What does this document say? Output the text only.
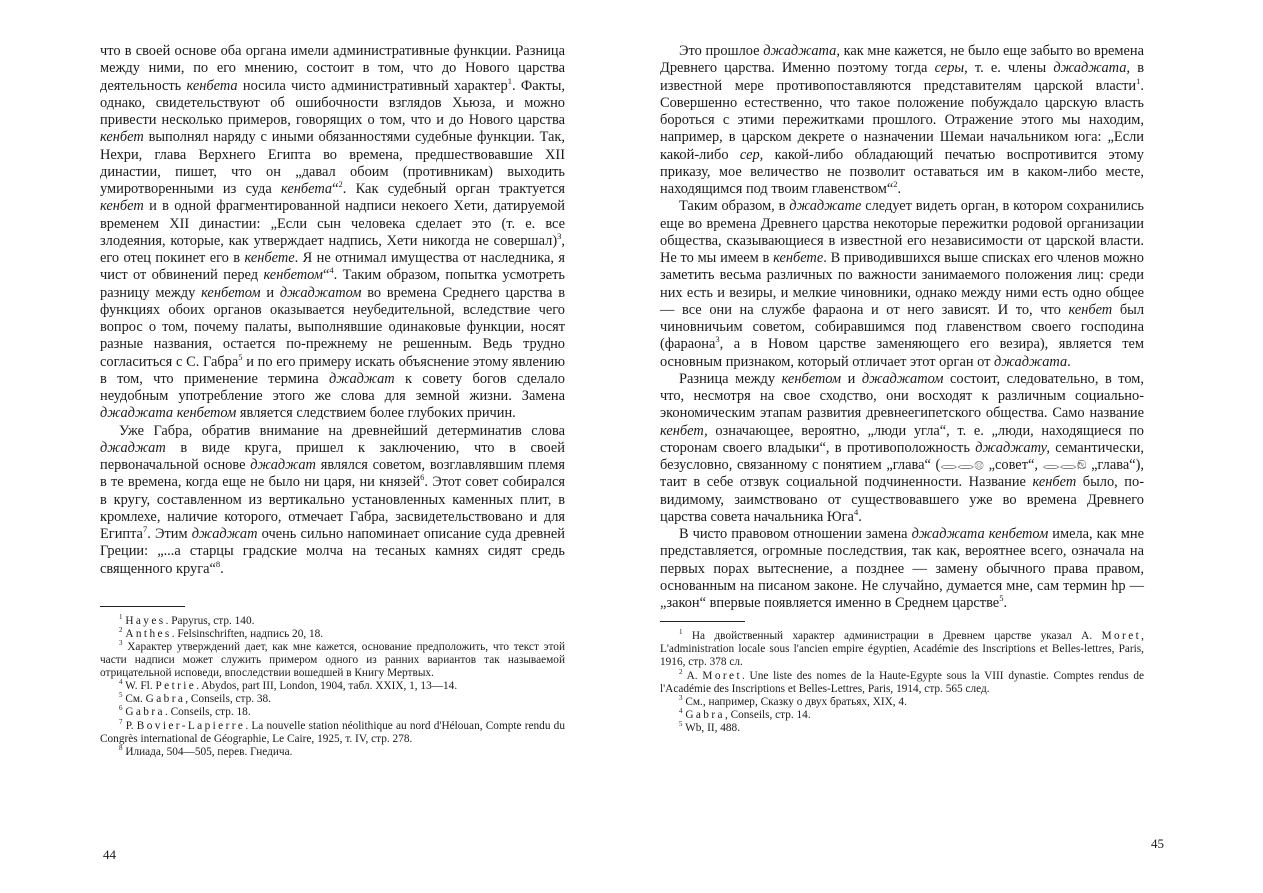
что в своей основе оба органа имели административные функции. Разница между ними, по его мнению, состоит в том, что до Нового царства деятельность кенбета носила чисто административный характер$^1$. Факты, однако, свидетельствуют об ошибочности взглядов Хьюза, и можно привести несколько примеров, говорящих о том, что и до Нового царства кенбет выполнял наряду с иными обязанностями судебные функции. Так, Нехри, глава Верхнего Египта во времена, предшествовавшие XII династии, пишет, что он „давал обоим (противникам) выходить умиротворенными из суда кенбета“$^2$. Как судебный орган трактуется кенбет и в одной фрагментированной надписи некоего Хети, датируемой временем XII династии: „Если сын человека сделает это (т. е. все злодеяния, которые, как утверждает надпись, Хети никогда не совершал)$^3$, его отец покинет его в кенбете. Я не отнимал имущества от наследника, я чист от обвинений перед кенбетом“$^4$. Таким образом, попытка усмотреть разницу между кенбетом и джаджатом во времена Среднего царства в функциях обоих органов оказывается неубедительной, вследствие чего вопрос о том, почему палаты, выполнявшие одинаковые функции, носят разные названия, остается по-прежнему не решенным. Ведь трудно согласиться с С. Габра$^5$ и по его примеру искать объяснение этому явлению в том, что применение термина джаджат к совету богов сделало неудобным употребление этого же слова для земной жизни. Замена джаджата кенбетом является следствием более глубоких причин.

Уже Габра, обратив внимание на древнейший детерминатив слова джаджат в виде круга, пришел к заключению, что в своей первоначальной основе джаджат являлся советом, возглавлявшим племя в те времена, когда еще не было ни царя, ни князей$^6$. Этот совет собирался в кругу, составленном из вертикально установленных каменных плит, в кромлехе, наличие которого, отмечает Габра, засвидетельствовано и для Египта$^7$. Этим джаджат очень сильно напоминает описание суда древней Греции: „...а старцы градские молча на тесаных камнях сидят средь священного круга“$^8$.

$^1$ Hayes. Papyrus, стр. 140.

$^2$ Anthes. Felsinschriften, надпись 20, 18.

$^3$ Характер утверждений дает, как мне кажется, основание предположить, что текст этой части надписи может служить примером одного из ранних вариантов так называемой отрицательной исповеди, впоследствии вошедшей в Книгу Мертвых.

$^4$ W. Fl. Petrie. Abydos, part III, London, 1904, табл. XXIX, 1, 13—14.

$^5$ См. Gabra, Conseils, стр. 38.

$^6$ Gabra. Conseils, стр. 18.

$^7$ P. Bovier-Lapierre. La nouvelle station néolithique au nord d'Hélouan, Compte rendu du Congrès international de Géographie, Le Caire, 1925, т. IV, стр. 278.

$^8$ Илиада, 504—505, перев. Гнедича.

44

Это прошлое джаджата, как мне кажется, не было еще забыто во времена Древнего царства. Именно поэтому тогда серы, т. е. члены джаджата, в известной мере противопоставляются представителям царской власти$^1$. Совершенно естественно, что такое положение побуждало царскую власть бороться с этими пережитками прошлого. Отражение этого мы находим, например, в царском декрете о назначении Шемаи начальником юга: „Если какой-либо сер, какой-либо обладающий печатью воспротивится этому приказу, мое величество не позволит оставаться им в каком-либо месте, находящимся под твоим главенством“$^2$.

Таким образом, в джаджате следует видеть орган, в котором сохранились еще во времена Древнего царства некоторые пережитки родовой организации общества, сказывающиеся в известной его независимости от царской власти. Не то мы имеем в кенбете. В приводившихся выше списках его членов можно заметить весьма различных по важности занимаемого положения лиц: среди них есть и везиры, и мелкие чиновники, однако между ними есть одно общее — все они на службе фараона и от него зависят. И то, что кенбет был чиновничьим советом, собиравшимся под главенством своего господина (фараона$^3$, а в Новом царстве заменяющего его везира), является тем основным признаком, который отличает этот орган от джаджата.

Разница между кенбетом и джаджатом состоит, следовательно, в том, что, несмотря на свое сходство, они восходят к различным социально-экономическим этапам развития древнеегипетского общества. Само название кенбет, означающее, вероятно, „люди угла“, т. е. „люди, находящиеся по сторонам своего владыки“, в противоположность джаджату, семантически, безусловно, связанному с понятием „глава“ (𓂋𓂋𓊖 „совет“, 𓂋𓂋𓁶 „глава“), таит в себе отзвук социальной подчиненности. Название кенбет было, по-видимому, заимствовано от существовавшего уже во времена Древнего царства совета начальника Юга$^4$.

В чисто правовом отношении замена джаджата кенбетом имела, как мне представляется, огромные последствия, так как, вероятнее всего, означала на первых порах вытеснение, а позднее — замену обычного права правом, основанным на писаном законе. Не случайно, думается мне, сам термин hp — „закон“ впервые появляется именно в Среднем царстве$^5$.

$^1$ На двойственный характер администрации в Древнем царстве указал A. Moret, L'administration locale sous l'ancien empire égyptien, Académie des Inscriptions et Belles-lettres, Paris, 1916, стр. 378 сл.

$^2$ A. Moret. Une liste des nomes de la Haute-Egypte sous la VIII dynastie. Comptes rendus de l'Académie des Inscriptions et Belles-Lettres, Paris, 1914, стр. 565 след.

$^3$ См., например, Сказку о двух братьях, XIX, 4.

$^4$ Gabra, Conseils, стр. 14.

$^5$ Wb, II, 488.

45
